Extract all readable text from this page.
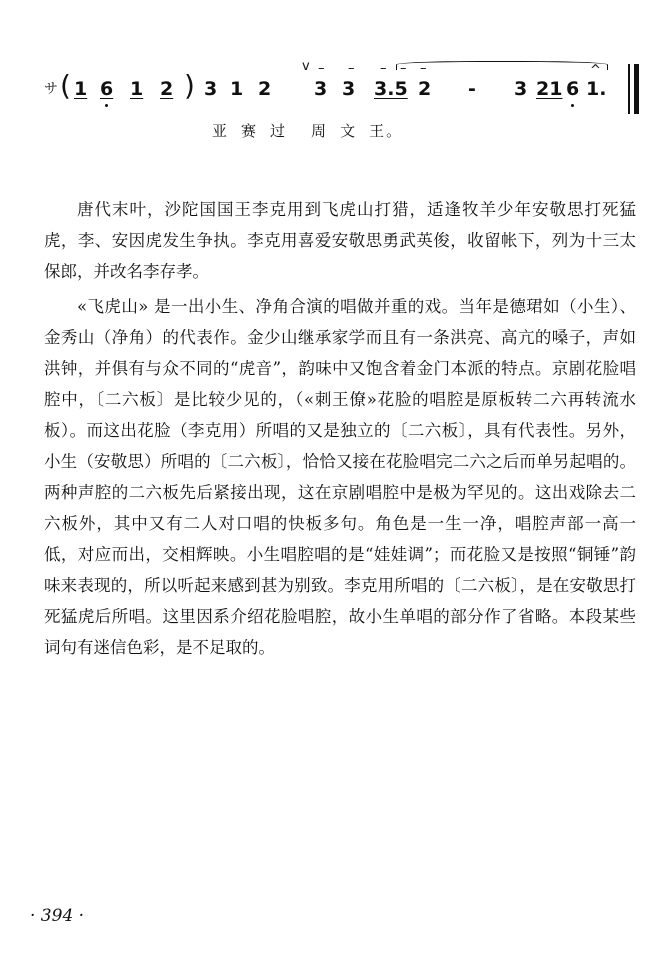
サ ( 1 6 1 2 ) 3 1 2
v – – – – –
3 3 3.5 2 - 3 21 6
^
1.
亚 赛 过 周 文 王。

唐代末叶，沙陀国国王李克用到飞虎山打猎，适逢牧羊少年安敬思打死猛虎，李、安因虎发生争执。李克用喜爱安敬思勇武英俊，收留帐下，列为十三太保郎，并改名李存孝。

«飞虎山» 是一出小生、净角合演的唱做并重的戏。当年是德珺如（小生）、金秀山（净角）的代表作。金少山继承家学而且有一条洪亮、高亢的嗓子，声如洪钟，并俱有与众不同的“虎音”，韵味中又饱含着金门本派的特点。京剧花脸唱腔中，〔二六板〕是比较少见的，（«刺王僚»花脸的唱腔是原板转二六再转流水板）。而这出花脸（李克用）所唱的又是独立的〔二六板〕，具有代表性。另外，小生（安敬思）所唱的〔二六板〕，恰恰又接在花脸唱完二六之后而单另起唱的。两种声腔的二六板先后紧接出现，这在京剧唱腔中是极为罕见的。这出戏除去二六板外，其中又有二人对口唱的快板多句。角色是一生一净，唱腔声部一高一低，对应而出，交相辉映。小生唱腔唱的是“娃娃调”；而花脸又是按照“铜锤”韵味来表现的，所以听起来感到甚为别致。李克用所唱的〔二六板〕，是在安敬思打死猛虎后所唱。这里因系介绍花脸唱腔，故小生单唱的部分作了省略。本段某些词句有迷信色彩，是不足取的。

· 394 ·
